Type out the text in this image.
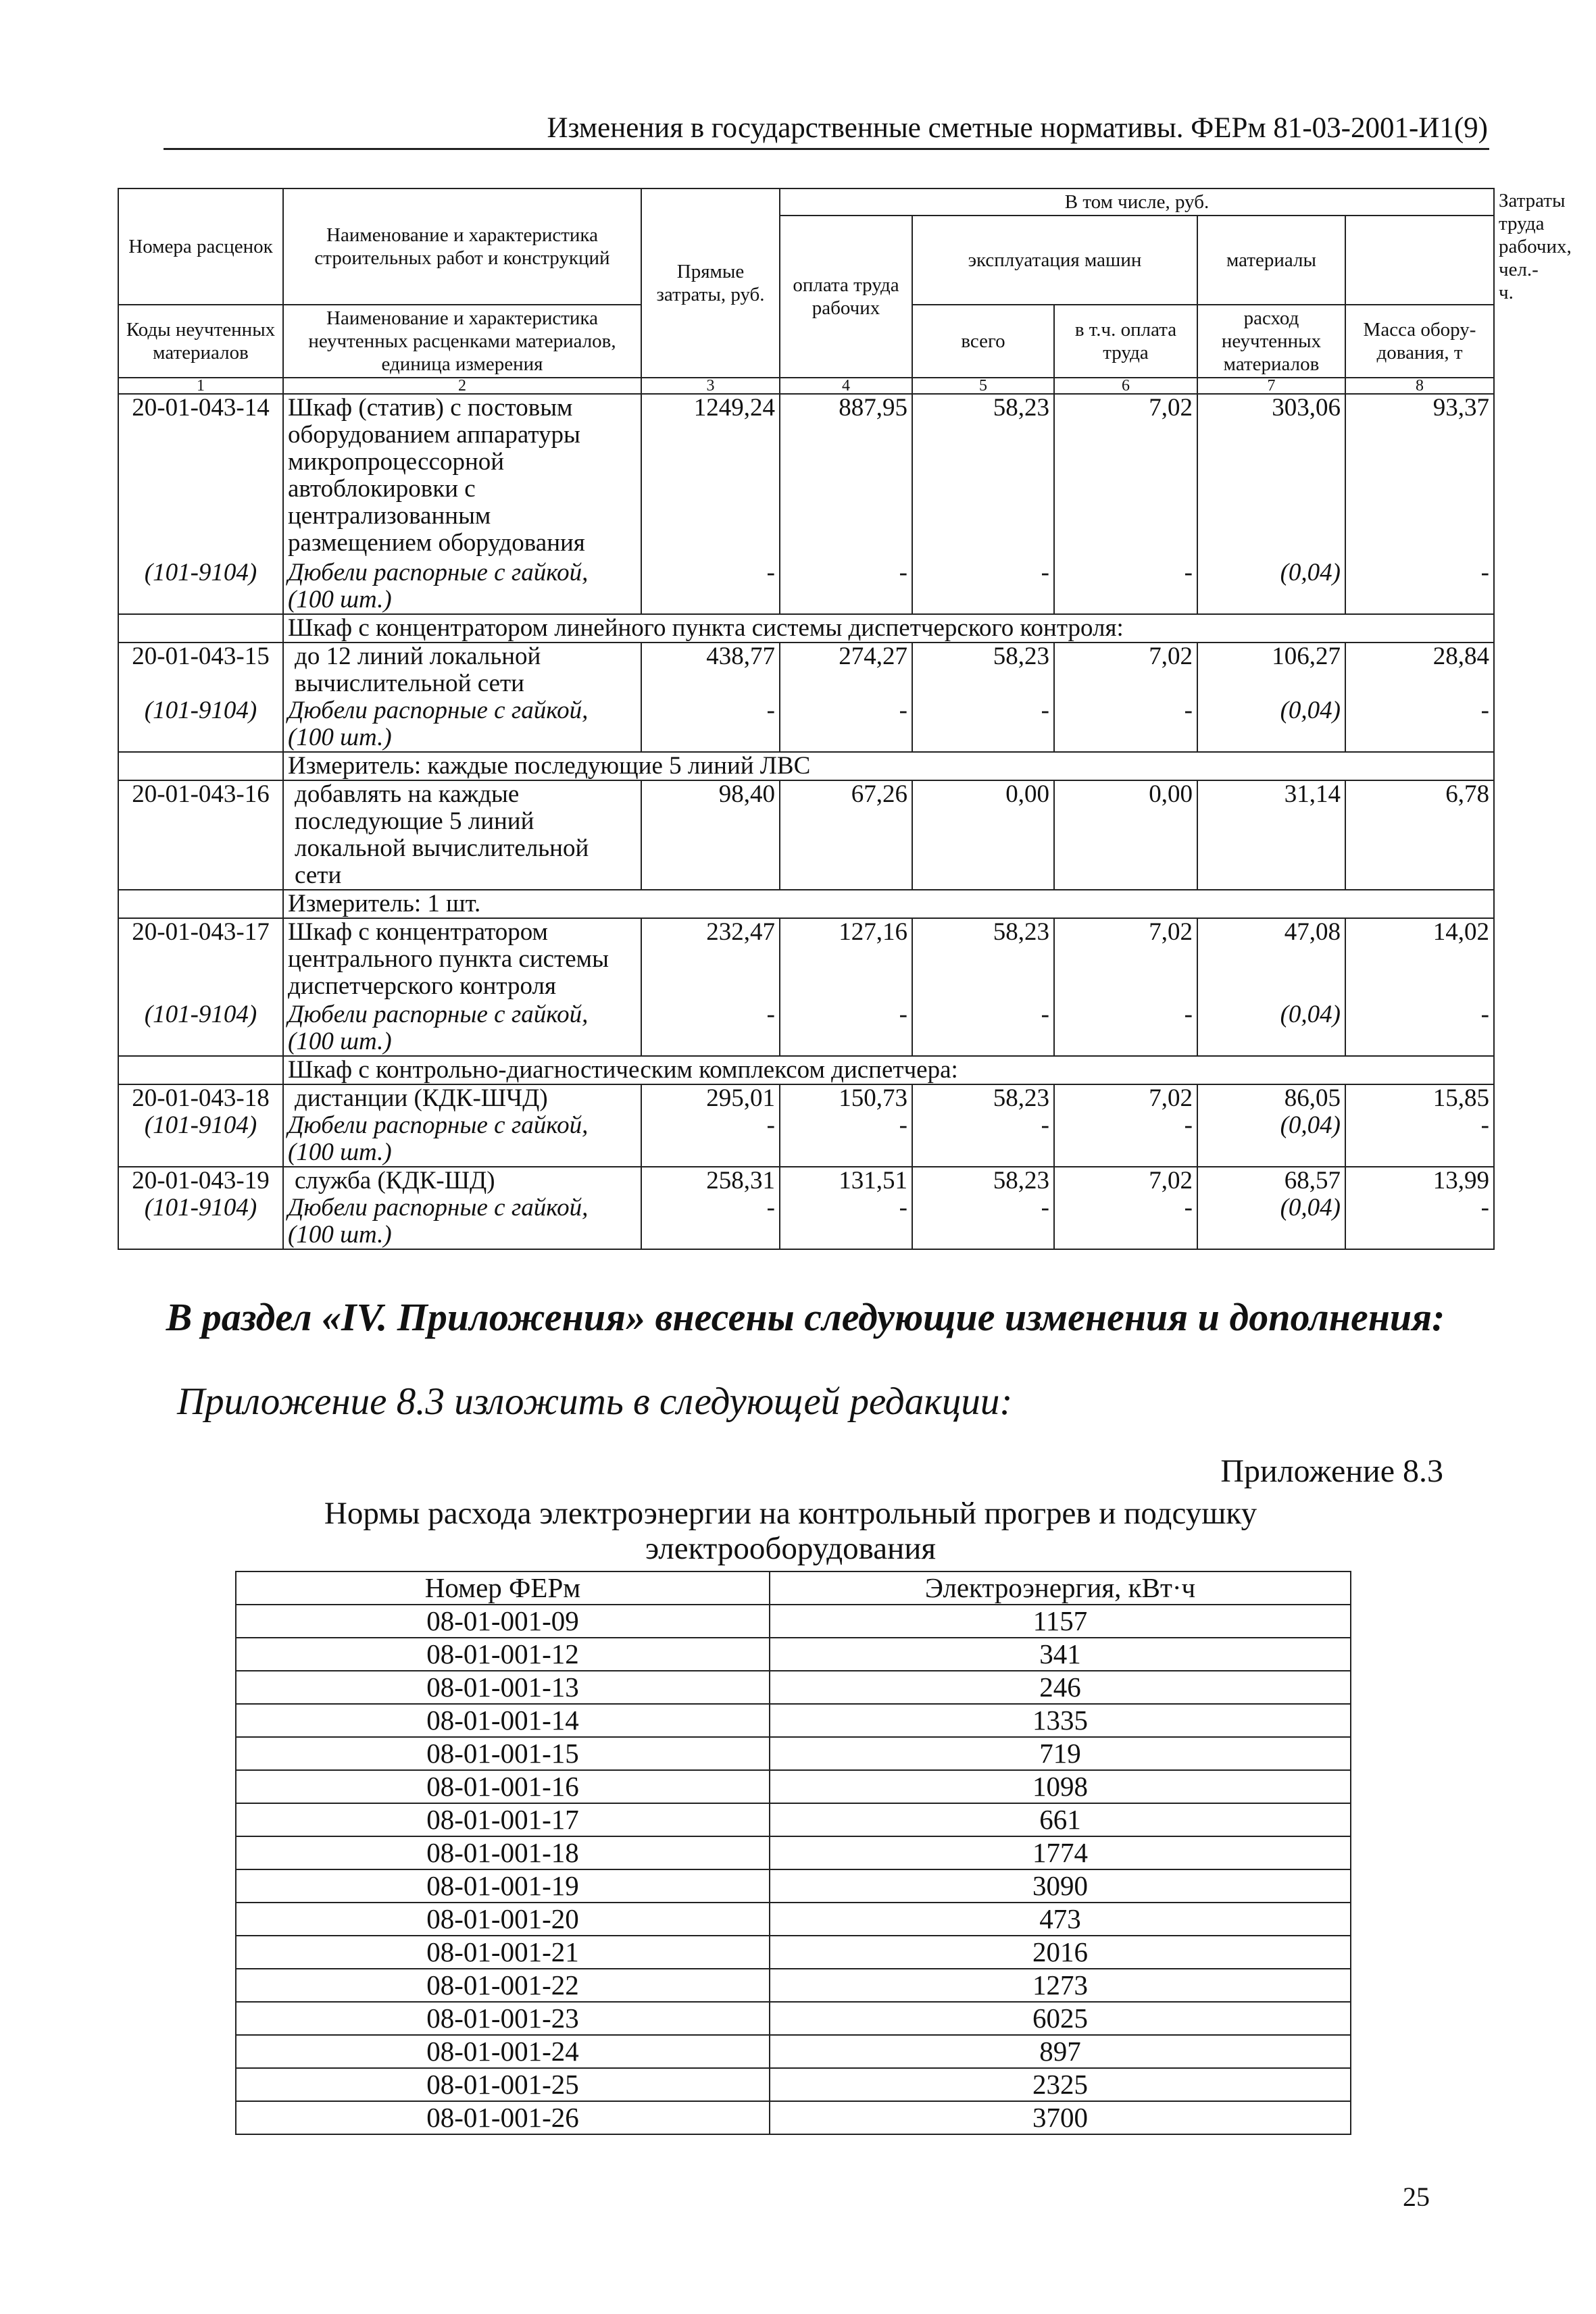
Изменения в государственные сметные нормативы. ФЕРм 81-03-2001-И1(9)
Номера расценок	Наименование и характеристика строительных работ и конструкций	Прямые затраты, руб.	В том числе, руб.					Затраты труда рабочих, чел.-ч.
			оплата труда рабочих	эксплуатация машин		материалы		
Коды неучтенных материалов	Наименование и характеристика неучтенных расценками материалов, единица измерения			всего	в т.ч. оплата труда	расход неучтенных материалов	Масса обору-дования, т	

1	2	3	4	5	6	7	8	
20-01-043-14	Шкаф (статив) с постовым оборудованием аппаратуры микропроцессорной автоблокировки с централизованным размещением оборудования	1249,24	887,95	58,23	7,02	303,06	93,37	
(101-9104)	Дюбели распорные с гайкой, (100 шт.)	-	-	-	-	(0,04)	-	
	Шкаф с концентратором линейного пункта системы диспетчерского контроля:							
20-01-043-15	до 12 линий локальной вычислительной сети	438,77	274,27	58,23	7,02	106,27	28,84	
(101-9104)	Дюбели распорные с гайкой, (100 шт.)	-	-	-	-	(0,04)	-	
	Измеритель: каждые последующие 5 линий ЛВС							
20-01-043-16	добавлять на каждые последующие 5 линий локальной вычислительной сети	98,40	67,26	0,00	0,00	31,14	6,78	
	Измеритель: 1 шт.							
20-01-043-17	Шкаф с концентратором центрального пункта системы диспетчерского контроля	232,47	127,16	58,23	7,02	47,08	14,02	
(101-9104)	Дюбели распорные с гайкой, (100 шт.)	-	-	-	-	(0,04)	-	
	Шкаф с контрольно-диагностическим комплексом диспетчера:							
20-01-043-18	дистанции (КДК-ШЧД)	295,01	150,73	58,23	7,02	86,05	15,85	
(101-9104)	Дюбели распорные с гайкой, (100 шт.)	-	-	-	-	(0,04)	-	
20-01-043-19	служба (КДК-ШД)	258,31	131,51	58,23	7,02	68,57	13,99	
(101-9104)	Дюбели распорные с гайкой, (100 шт.)	-	-	-	-	(0,04)	-	
В раздел «IV. Приложения» внесены следующие изменения и дополнения:
Приложение 8.3 изложить в следующей редакции:
Приложение 8.3
Нормы расхода электроэнергии на контрольный прогрев и подсушку
электрооборудования
Номер ФЕРм	Электроэнергия, кВт·ч
08-01-001-09	1157
08-01-001-12	341
08-01-001-13	246
08-01-001-14	1335
08-01-001-15	719
08-01-001-16	1098
08-01-001-17	661
08-01-001-18	1774
08-01-001-19	3090
08-01-001-20	473
08-01-001-21	2016
08-01-001-22	1273
08-01-001-23	6025
08-01-001-24	897
08-01-001-25	2325
08-01-001-26	3700
25
